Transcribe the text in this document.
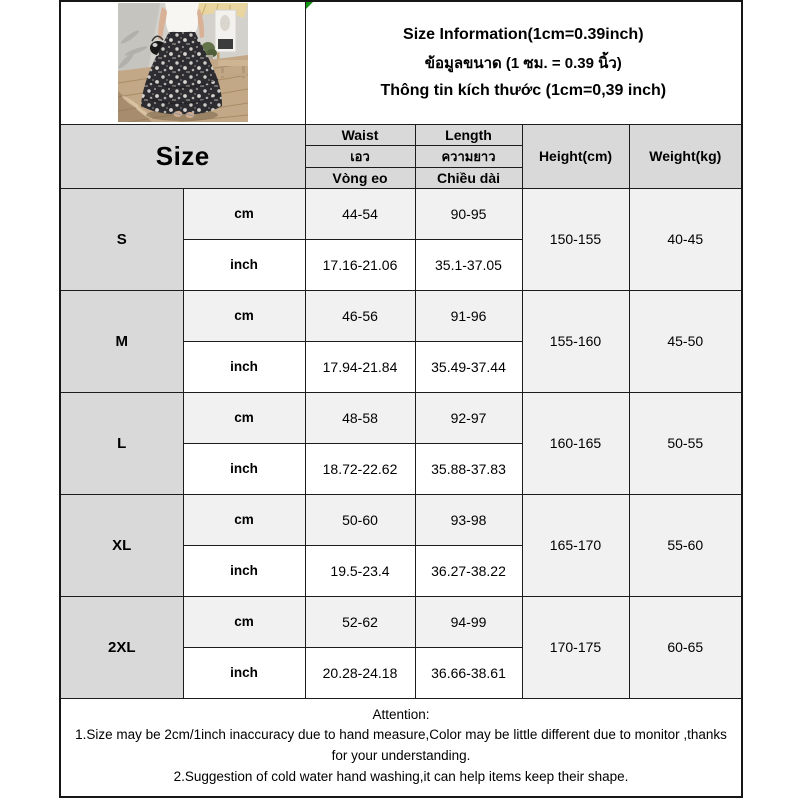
Size Information(1cm=0.39inch)
ข้อมูลขนาด (1 ซม. = 0.39 นิ้ว)
Thông tin kích thước (1cm=0,39 inch)			

Size		Waist	Length	Height(cm)	Weight(kg)
		เอว	ความยาว		
		Vòng eo	Chiều dài		
S	cm	44-54	90-95	150-155	40-45
	inch	17.16-21.06	35.1-37.05		
M	cm	46-56	91-96	155-160	45-50
	inch	17.94-21.84	35.49-37.44		
L	cm	48-58	92-97	160-165	50-55
	inch	18.72-22.62	35.88-37.83		
XL	cm	50-60	93-98	165-170	55-60
	inch	19.5-23.4	36.27-38.22		
2XL	cm	52-62	94-99	170-175	60-65
	inch	20.28-24.18	36.66-38.61		

Attention:
1.Size may be 2cm/1inch inaccuracy due to hand measure,Color may be little different due to monitor ,thanks for your understanding.
2.Suggestion of cold water hand washing,it can help items keep their shape.					
